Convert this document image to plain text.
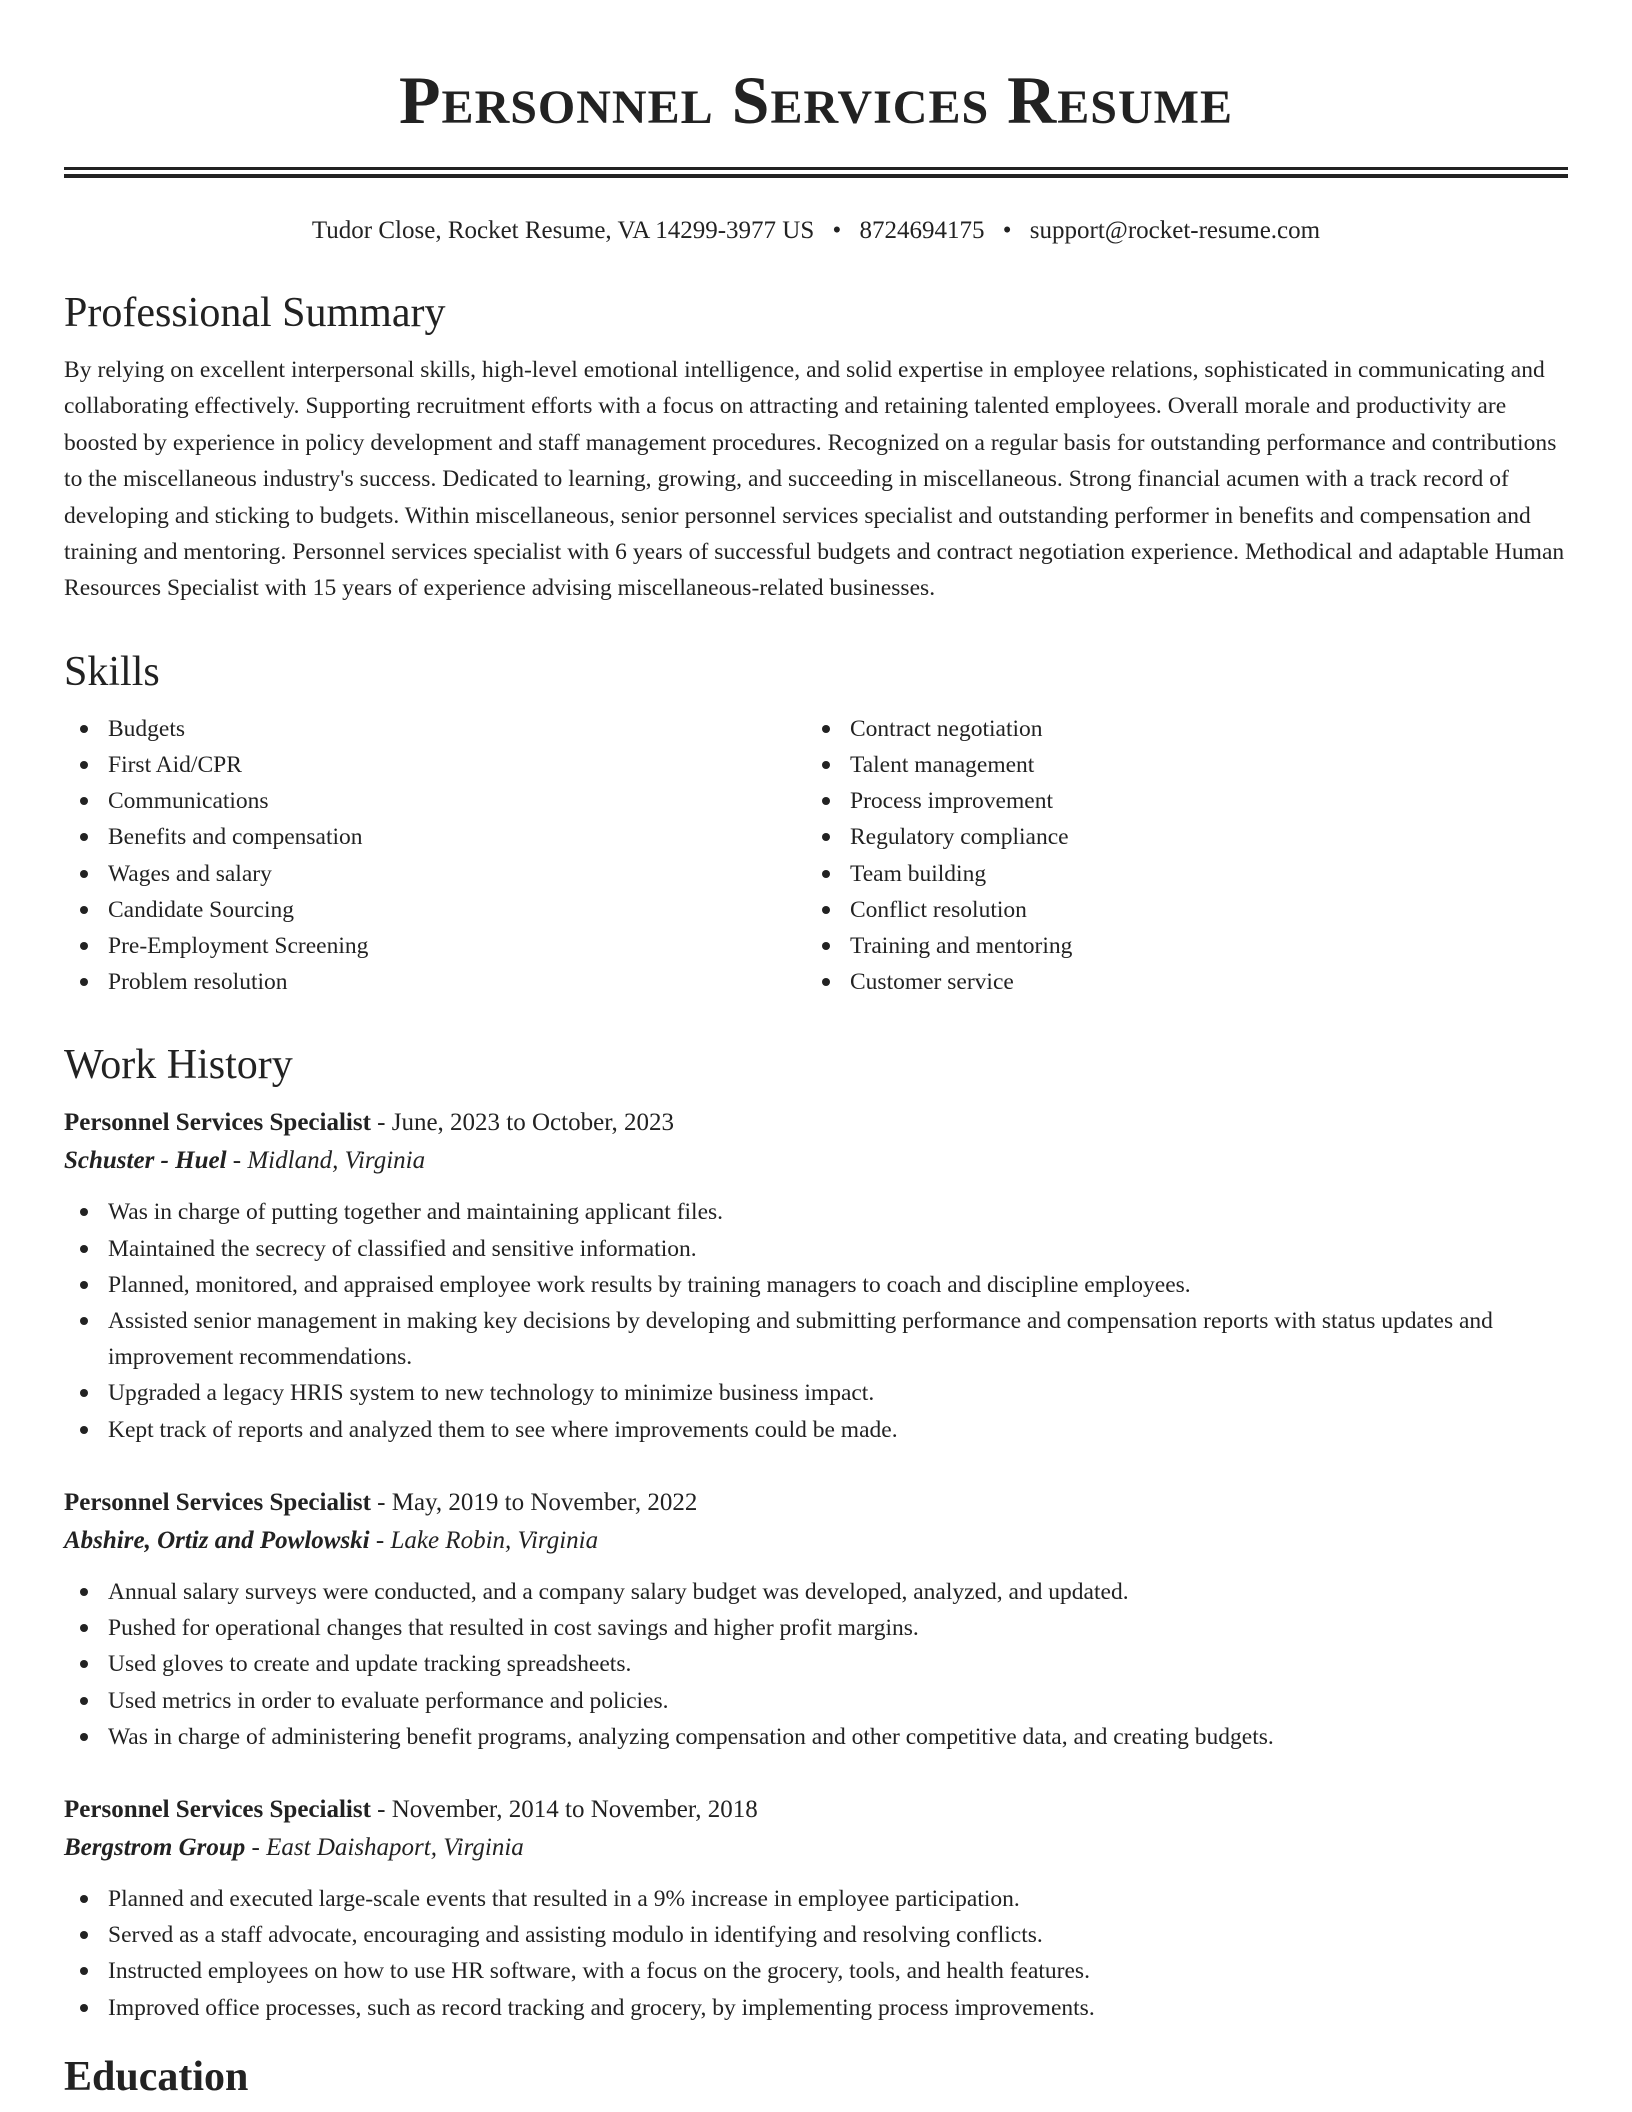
Personnel Services Resume
Tudor Close, Rocket Resume, VA 14299-3977 US • 8724694175 • support@rocket-resume.com
Professional Summary

By relying on excellent interpersonal skills, high-level emotional intelligence, and solid expertise in employee relations, sophisticated in communicating and collaborating effectively. Supporting recruitment efforts with a focus on attracting and retaining talented employees. Overall morale and productivity are boosted by experience in policy development and staff management procedures. Recognized on a regular basis for outstanding performance and contributions to the miscellaneous industry's success. Dedicated to learning, growing, and succeeding in miscellaneous. Strong financial acumen with a track record of developing and sticking to budgets. Within miscellaneous, senior personnel services specialist and outstanding performer in benefits and compensation and training and mentoring. Personnel services specialist with 6 years of successful budgets and contract negotiation experience. Methodical and adaptable Human Resources Specialist with 15 years of experience advising miscellaneous-related businesses.

Skills
Budgets
First Aid/CPR
Communications
Benefits and compensation
Wages and salary
Candidate Sourcing
Pre-Employment Screening
Problem resolution
Contract negotiation
Talent management
Process improvement
Regulatory compliance
Team building
Conflict resolution
Training and mentoring
Customer service
Work History
Personnel Services Specialist - June, 2023 to October, 2023
Schuster - Huel - Midland, Virginia
Was in charge of putting together and maintaining applicant files.
Maintained the secrecy of classified and sensitive information.
Planned, monitored, and appraised employee work results by training managers to coach and discipline employees.
Assisted senior management in making key decisions by developing and submitting performance and compensation reports with status updates and improvement recommendations.
Upgraded a legacy HRIS system to new technology to minimize business impact.
Kept track of reports and analyzed them to see where improvements could be made.
Personnel Services Specialist - May, 2019 to November, 2022
Abshire, Ortiz and Powlowski - Lake Robin, Virginia
Annual salary surveys were conducted, and a company salary budget was developed, analyzed, and updated.
Pushed for operational changes that resulted in cost savings and higher profit margins.
Used gloves to create and update tracking spreadsheets.
Used metrics in order to evaluate performance and policies.
Was in charge of administering benefit programs, analyzing compensation and other competitive data, and creating budgets.
Personnel Services Specialist - November, 2014 to November, 2018
Bergstrom Group - East Daishaport, Virginia
Planned and executed large-scale events that resulted in a 9% increase in employee participation.
Served as a staff advocate, encouraging and assisting modulo in identifying and resolving conflicts.
Instructed employees on how to use HR software, with a focus on the grocery, tools, and health features.
Improved office processes, such as record tracking and grocery, by implementing process improvements.
Education
